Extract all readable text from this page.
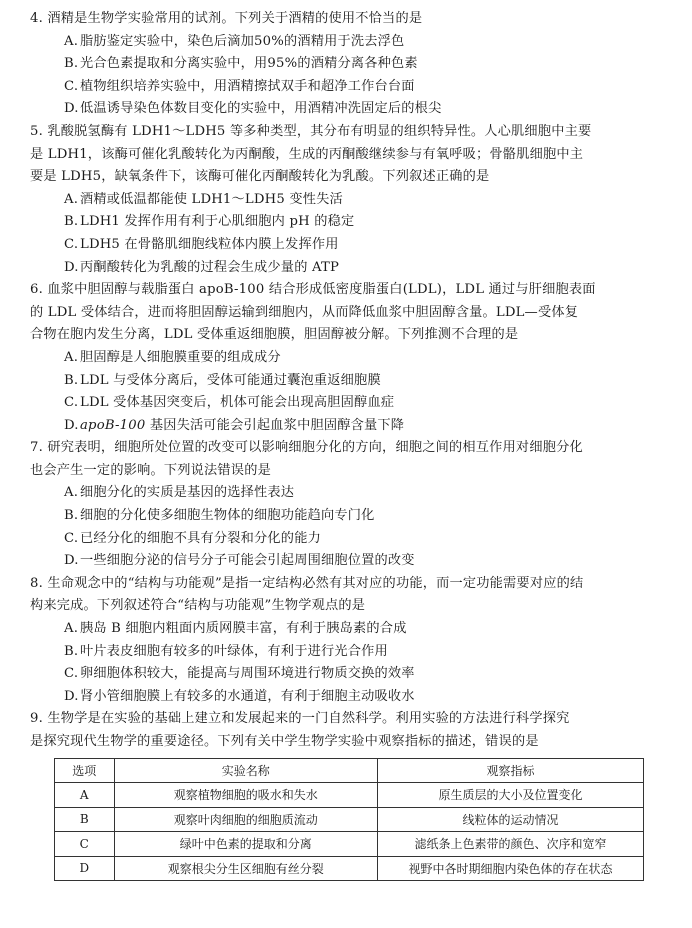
4. 酒精是生物学实验常用的试剂。下列关于酒精的使用不恰当的是

A. 脂肪鉴定实验中，染色后滴加50%的酒精用于洗去浮色

B. 光合色素提取和分离实验中，用95%的酒精分离各种色素

C. 植物组织培养实验中，用酒精擦拭双手和超净工作台台面

D.低温诱导染色体数目变化的实验中，用酒精冲洗固定后的根尖

5. 乳酸脱氢酶有 LDH1～LDH5 等多种类型，其分布有明显的组织特异性。人心肌细胞中主要
是 LDH1，该酶可催化乳酸转化为丙酮酸，生成的丙酮酸继续参与有氧呼吸；骨骼肌细胞中主
要是 LDH5，缺氧条件下，该酶可催化丙酮酸转化为乳酸。下列叙述正确的是

A. 酒精或低温都能使 LDH1～LDH5 变性失活

B. LDH1 发挥作用有利于心肌细胞内 pH 的稳定

C. LDH5 在骨骼肌细胞线粒体内膜上发挥作用

D.丙酮酸转化为乳酸的过程会生成少量的 ATP

6. 血浆中胆固醇与载脂蛋白 apoB-100 结合形成低密度脂蛋白(LDL)，LDL 通过与肝细胞表面
的 LDL 受体结合，进而将胆固醇运输到细胞内，从而降低血浆中胆固醇含量。LDL—受体复
合物在胞内发生分离，LDL 受体重返细胞膜，胆固醇被分解。下列推测不合理的是

A. 胆固醇是人细胞膜重要的组成成分

B. LDL 与受体分离后，受体可能通过囊泡重返细胞膜

C. LDL 受体基因突变后，机体可能会出现高胆固醇血症

D.apoB-100 基因失活可能会引起血浆中胆固醇含量下降

7. 研究表明，细胞所处位置的改变可以影响细胞分化的方向，细胞之间的相互作用对细胞分化
也会产生一定的影响。下列说法错误的是

A. 细胞分化的实质是基因的选择性表达

B. 细胞的分化使多细胞生物体的细胞功能趋向专门化

C. 已经分化的细胞不具有分裂和分化的能力

D.一些细胞分泌的信号分子可能会引起周围细胞位置的改变

8. 生命观念中的“结构与功能观”是指一定结构必然有其对应的功能，而一定功能需要对应的结
构来完成。下列叙述符合“结构与功能观”生物学观点的是

A. 胰岛 B 细胞内粗面内质网膜丰富，有利于胰岛素的合成

B. 叶片表皮细胞有较多的叶绿体，有利于进行光合作用

C. 卵细胞体积较大，能提高与周围环境进行物质交换的效率

D.肾小管细胞膜上有较多的水通道，有利于细胞主动吸收水

9. 生物学是在实验的基础上建立和发展起来的一门自然科学。利用实验的方法进行科学探究
是探究现代生物学的重要途径。下列有关中学生物学实验中观察指标的描述，错误的是

选项	实验名称	观察指标
A	观察植物细胞的吸水和失水	原生质层的大小及位置变化
B	观察叶肉细胞的细胞质流动	线粒体的运动情况
C	绿叶中色素的提取和分离	滤纸条上色素带的颜色、次序和宽窄
D	观察根尖分生区细胞有丝分裂	视野中各时期细胞内染色体的存在状态
